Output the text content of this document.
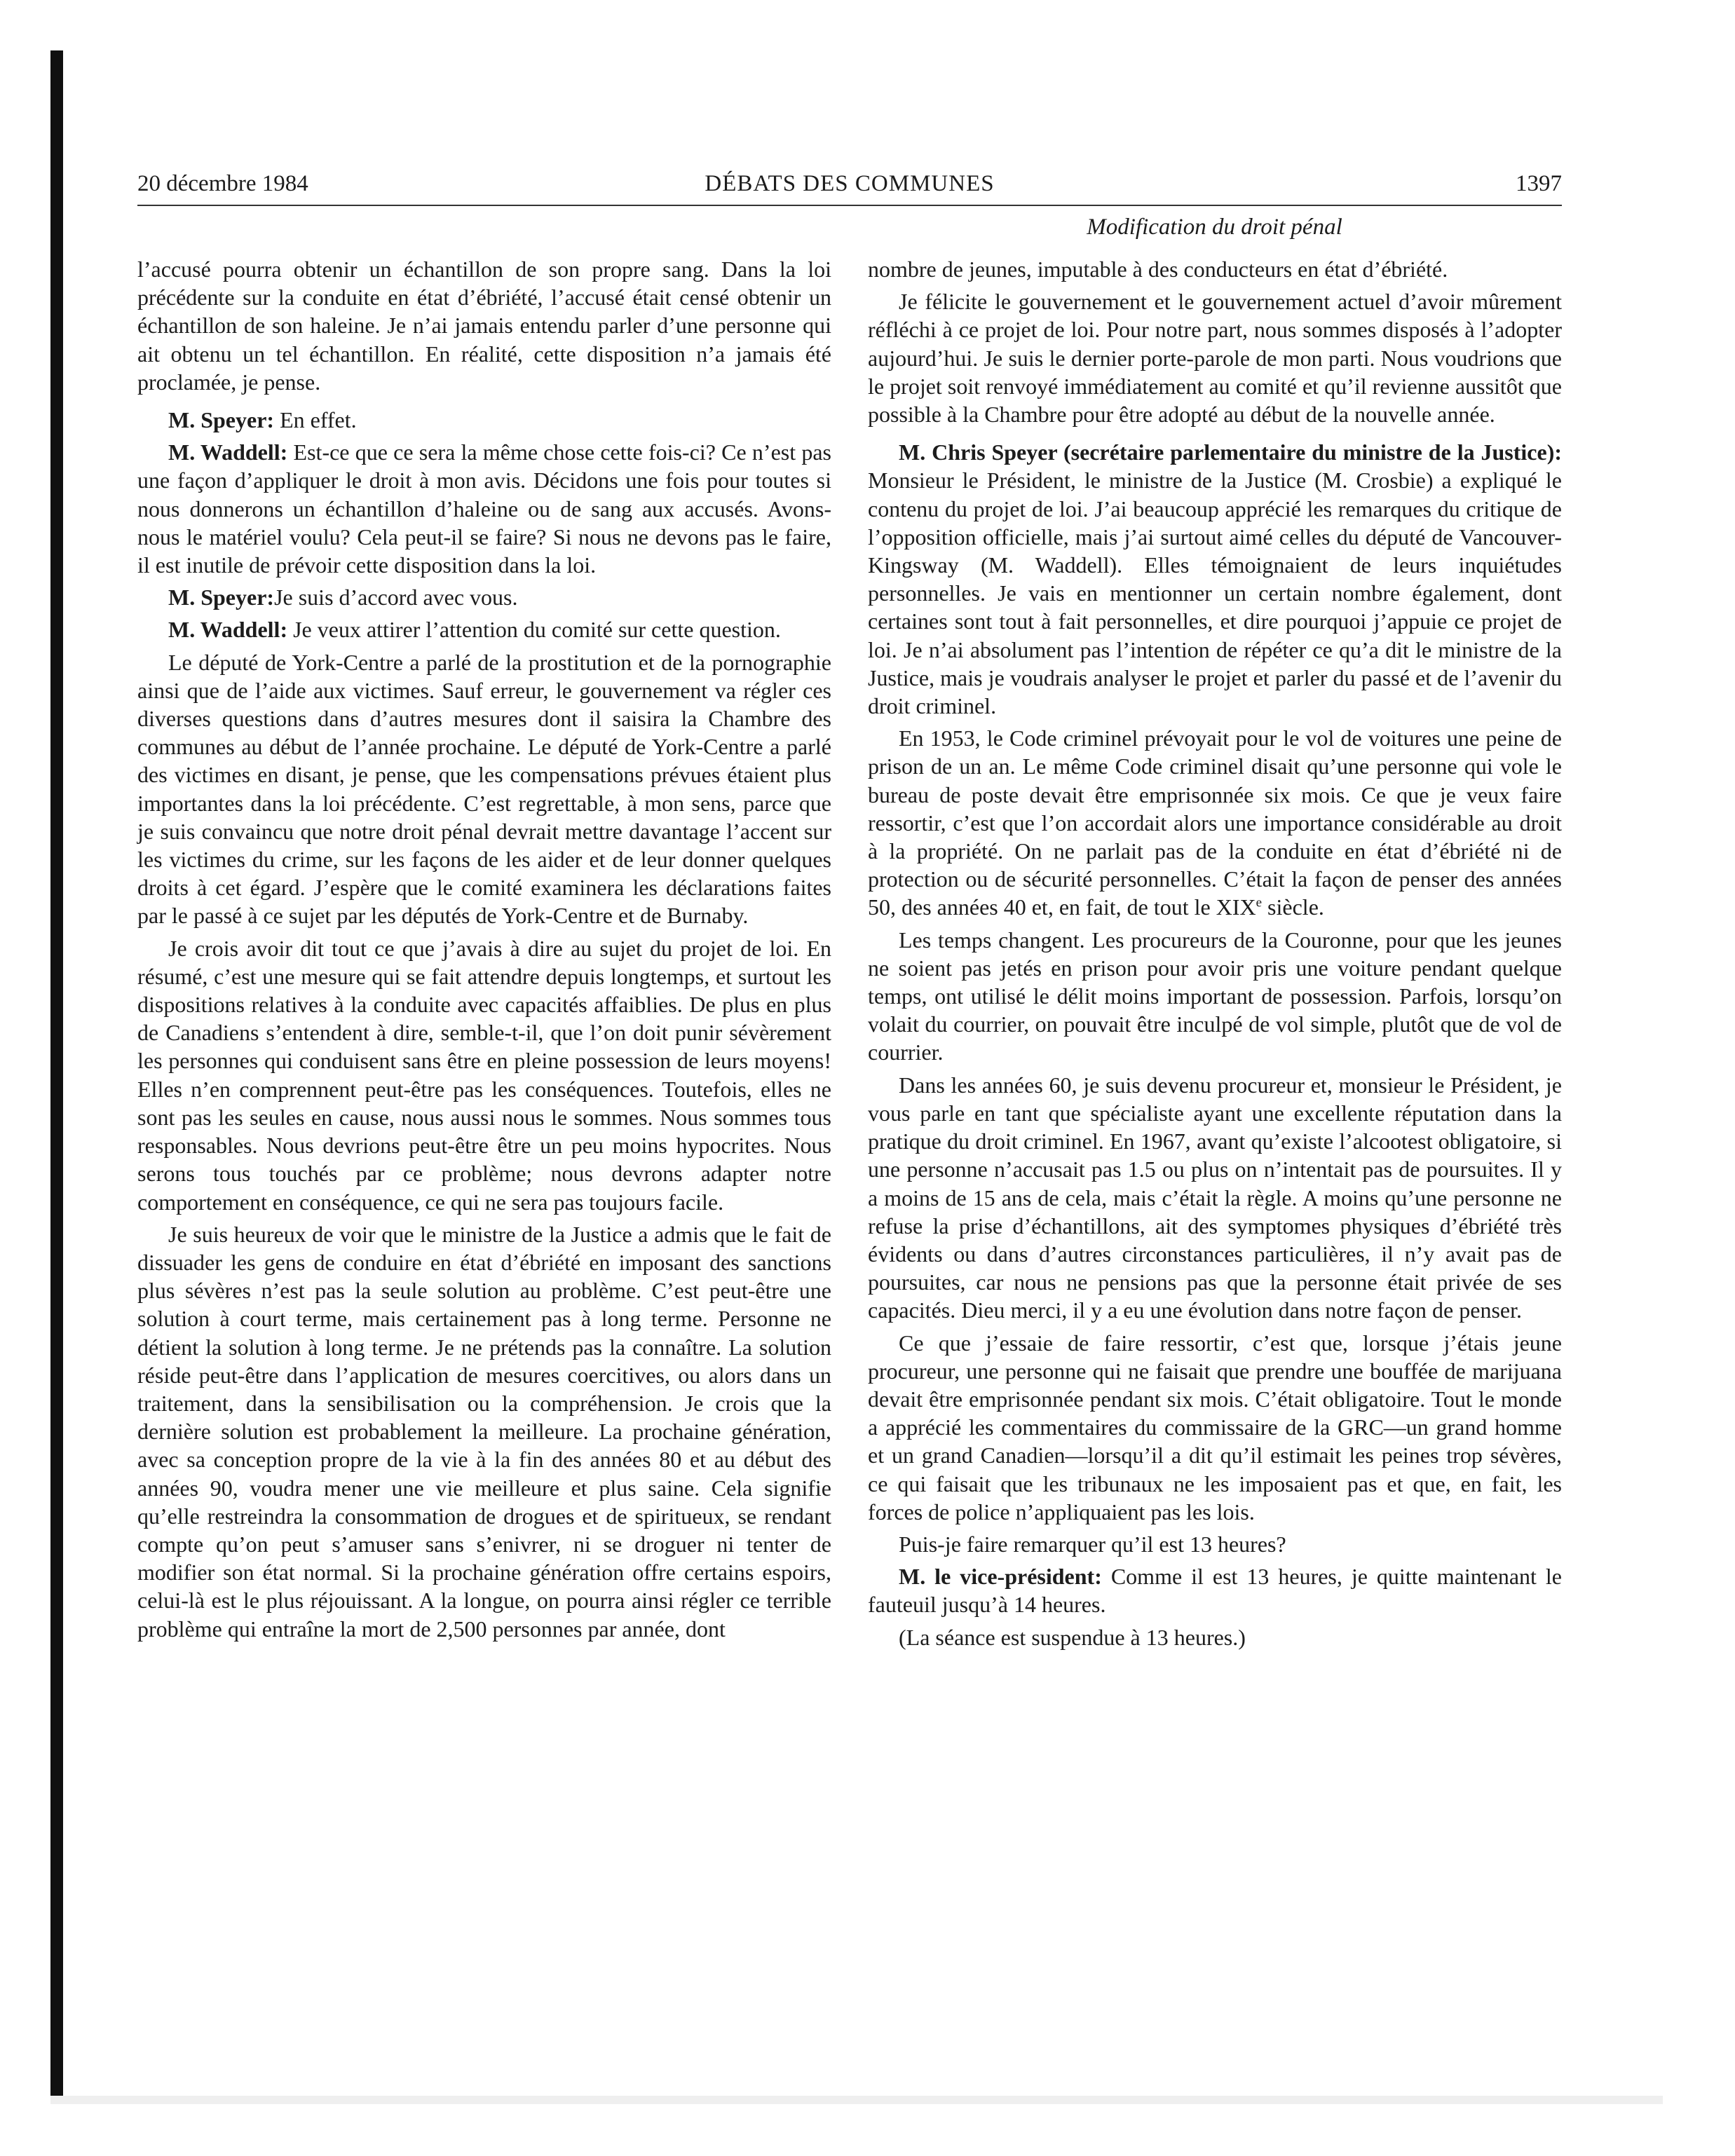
20 décembre 1984	DÉBATS DES COMMUNES	1397
Modification du droit pénal

l’accusé pourra obtenir un échantillon de son propre sang. Dans la loi précédente sur la conduite en état d’ébriété, l’accusé était censé obtenir un échantillon de son haleine. Je n’ai jamais entendu parler d’une personne qui ait obtenu un tel échantillon. En réalité, cette disposition n’a jamais été proclamée, je pense.

M. Speyer: En effet.

M. Waddell: Est-ce que ce sera la même chose cette fois-ci? Ce n’est pas une façon d’appliquer le droit à mon avis. Décidons une fois pour toutes si nous donnerons un échantillon d’haleine ou de sang aux accusés. Avons-nous le matériel voulu? Cela peut-il se faire? Si nous ne devons pas le faire, il est inutile de prévoir cette disposition dans la loi.

M. Speyer:Je suis d’accord avec vous.

M. Waddell: Je veux attirer l’attention du comité sur cette question.

Le député de York-Centre a parlé de la prostitution et de la pornographie ainsi que de l’aide aux victimes. Sauf erreur, le gouvernement va régler ces diverses questions dans d’autres mesures dont il saisira la Chambre des communes au début de l’année prochaine. Le député de York-Centre a parlé des victimes en disant, je pense, que les compensations prévues étaient plus importantes dans la loi précédente. C’est regrettable, à mon sens, parce que je suis convaincu que notre droit pénal devrait mettre davantage l’accent sur les victimes du crime, sur les façons de les aider et de leur donner quelques droits à cet égard. J’espère que le comité examinera les déclarations faites par le passé à ce sujet par les députés de York-Centre et de Burnaby.

Je crois avoir dit tout ce que j’avais à dire au sujet du projet de loi. En résumé, c’est une mesure qui se fait attendre depuis longtemps, et surtout les dispositions relatives à la conduite avec capacités affaiblies. De plus en plus de Canadiens s’entendent à dire, semble-t-il, que l’on doit punir sévèrement les personnes qui conduisent sans être en pleine possession de leurs moyens! Elles n’en comprennent peut-être pas les conséquences. Toutefois, elles ne sont pas les seules en cause, nous aussi nous le sommes. Nous sommes tous responsables. Nous devrions peut-être être un peu moins hypocrites. Nous serons tous touchés par ce problème; nous devrons adapter notre comportement en conséquence, ce qui ne sera pas toujours facile.

Je suis heureux de voir que le ministre de la Justice a admis que le fait de dissuader les gens de conduire en état d’ébriété en imposant des sanctions plus sévères n’est pas la seule solution au problème. C’est peut-être une solution à court terme, mais certainement pas à long terme. Personne ne détient la solution à long terme. Je ne prétends pas la connaître. La solution réside peut-être dans l’application de mesures coercitives, ou alors dans un traitement, dans la sensibilisation ou la compréhension. Je crois que la dernière solution est probablement la meilleure. La prochaine génération, avec sa conception propre de la vie à la fin des années 80 et au début des années 90, voudra mener une vie meilleure et plus saine. Cela signifie qu’elle restreindra la consommation de drogues et de spiritueux, se rendant compte qu’on peut s’amuser sans s’enivrer, ni se droguer ni tenter de modifier son état normal. Si la prochaine génération offre certains espoirs, celui-là est le plus réjouissant. A la longue, on pourra ainsi régler ce terrible problème qui entraîne la mort de 2,500 personnes par année, dont

nombre de jeunes, imputable à des conducteurs en état d’ébriété.

Je félicite le gouvernement et le gouvernement actuel d’avoir mûrement réfléchi à ce projet de loi. Pour notre part, nous sommes disposés à l’adopter aujourd’hui. Je suis le dernier porte-parole de mon parti. Nous voudrions que le projet soit renvoyé immédiatement au comité et qu’il revienne aussitôt que possible à la Chambre pour être adopté au début de la nouvelle année.

M. Chris Speyer (secrétaire parlementaire du ministre de la Justice): Monsieur le Président, le ministre de la Justice (M. Crosbie) a expliqué le contenu du projet de loi. J’ai beaucoup apprécié les remarques du critique de l’opposition officielle, mais j’ai surtout aimé celles du député de Vancouver-Kingsway (M. Waddell). Elles témoignaient de leurs inquiétudes personnelles. Je vais en mentionner un certain nombre également, dont certaines sont tout à fait personnelles, et dire pourquoi j’appuie ce projet de loi. Je n’ai absolument pas l’intention de répéter ce qu’a dit le ministre de la Justice, mais je voudrais analyser le projet et parler du passé et de l’avenir du droit criminel.

En 1953, le Code criminel prévoyait pour le vol de voitures une peine de prison de un an. Le même Code criminel disait qu’une personne qui vole le bureau de poste devait être emprisonnée six mois. Ce que je veux faire ressortir, c’est que l’on accordait alors une importance considérable au droit à la propriété. On ne parlait pas de la conduite en état d’ébriété ni de protection ou de sécurité personnelles. C’était la façon de penser des années 50, des années 40 et, en fait, de tout le XIXe siècle.

Les temps changent. Les procureurs de la Couronne, pour que les jeunes ne soient pas jetés en prison pour avoir pris une voiture pendant quelque temps, ont utilisé le délit moins important de possession. Parfois, lorsqu’on volait du courrier, on pouvait être inculpé de vol simple, plutôt que de vol de courrier.

Dans les années 60, je suis devenu procureur et, monsieur le Président, je vous parle en tant que spécialiste ayant une excellente réputation dans la pratique du droit criminel. En 1967, avant qu’existe l’alcootest obligatoire, si une personne n’accusait pas 1.5 ou plus on n’intentait pas de poursuites. Il y a moins de 15 ans de cela, mais c’était la règle. A moins qu’une personne ne refuse la prise d’échantillons, ait des symptomes physiques d’ébriété très évidents ou dans d’autres circonstances particulières, il n’y avait pas de poursuites, car nous ne pensions pas que la personne était privée de ses capacités. Dieu merci, il y a eu une évolution dans notre façon de penser.

Ce que j’essaie de faire ressortir, c’est que, lorsque j’étais jeune procureur, une personne qui ne faisait que prendre une bouffée de marijuana devait être emprisonnée pendant six mois. C’était obligatoire. Tout le monde a apprécié les commentaires du commissaire de la GRC—un grand homme et un grand Canadien—lorsqu’il a dit qu’il estimait les peines trop sévères, ce qui faisait que les tribunaux ne les imposaient pas et que, en fait, les forces de police n’appliquaient pas les lois.

Puis-je faire remarquer qu’il est 13 heures?

M. le vice-président: Comme il est 13 heures, je quitte maintenant le fauteuil jusqu’à 14 heures.

(La séance est suspendue à 13 heures.)
